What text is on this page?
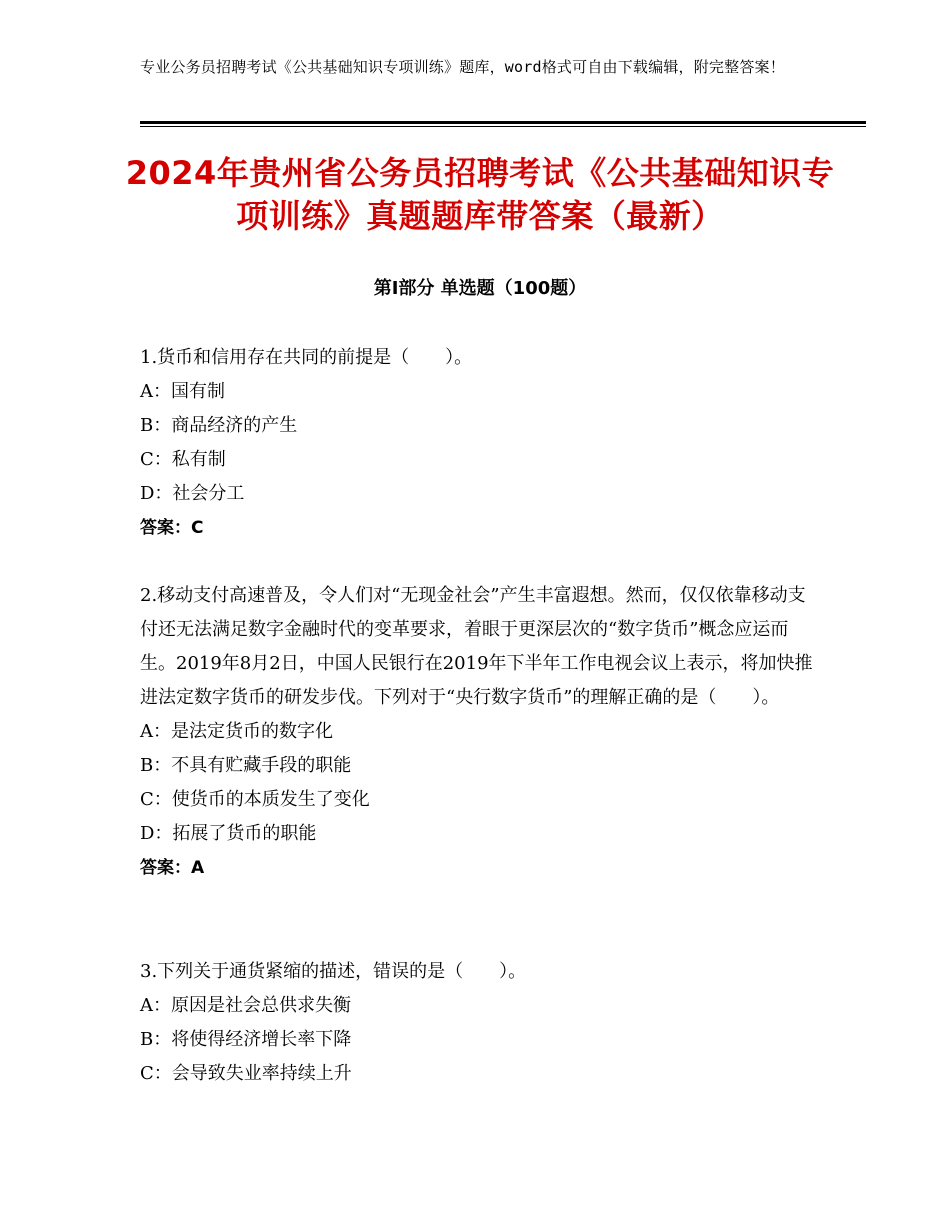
专业公务员招聘考试《公共基础知识专项训练》题库，word格式可自由下载编辑，附完整答案！
2024年贵州省公务员招聘考试《公共基础知识专项训练》真题题库带答案（最新）
第Ⅰ部分 单选题（100题）

1.货币和信用存在共同的前提是（　　）。

A：国有制

B：商品经济的产生

C：私有制

D：社会分工

答案：C

2.移动支付高速普及，令人们对“无现金社会”产生丰富遐想。然而，仅仅依靠移动支付还无法满足数字金融时代的变革要求，着眼于更深层次的“数字货币”概念应运而生。2019年8月2日，中国人民银行在2019年下半年工作电视会议上表示，将加快推进法定数字货币的研发步伐。下列对于“央行数字货币”的理解正确的是（　　）。

A：是法定货币的数字化

B：不具有贮藏手段的职能

C：使货币的本质发生了变化

D：拓展了货币的职能

答案：A

3.下列关于通货紧缩的描述，错误的是（　　）。

A：原因是社会总供求失衡

B：将使得经济增长率下降

C：会导致失业率持续上升
